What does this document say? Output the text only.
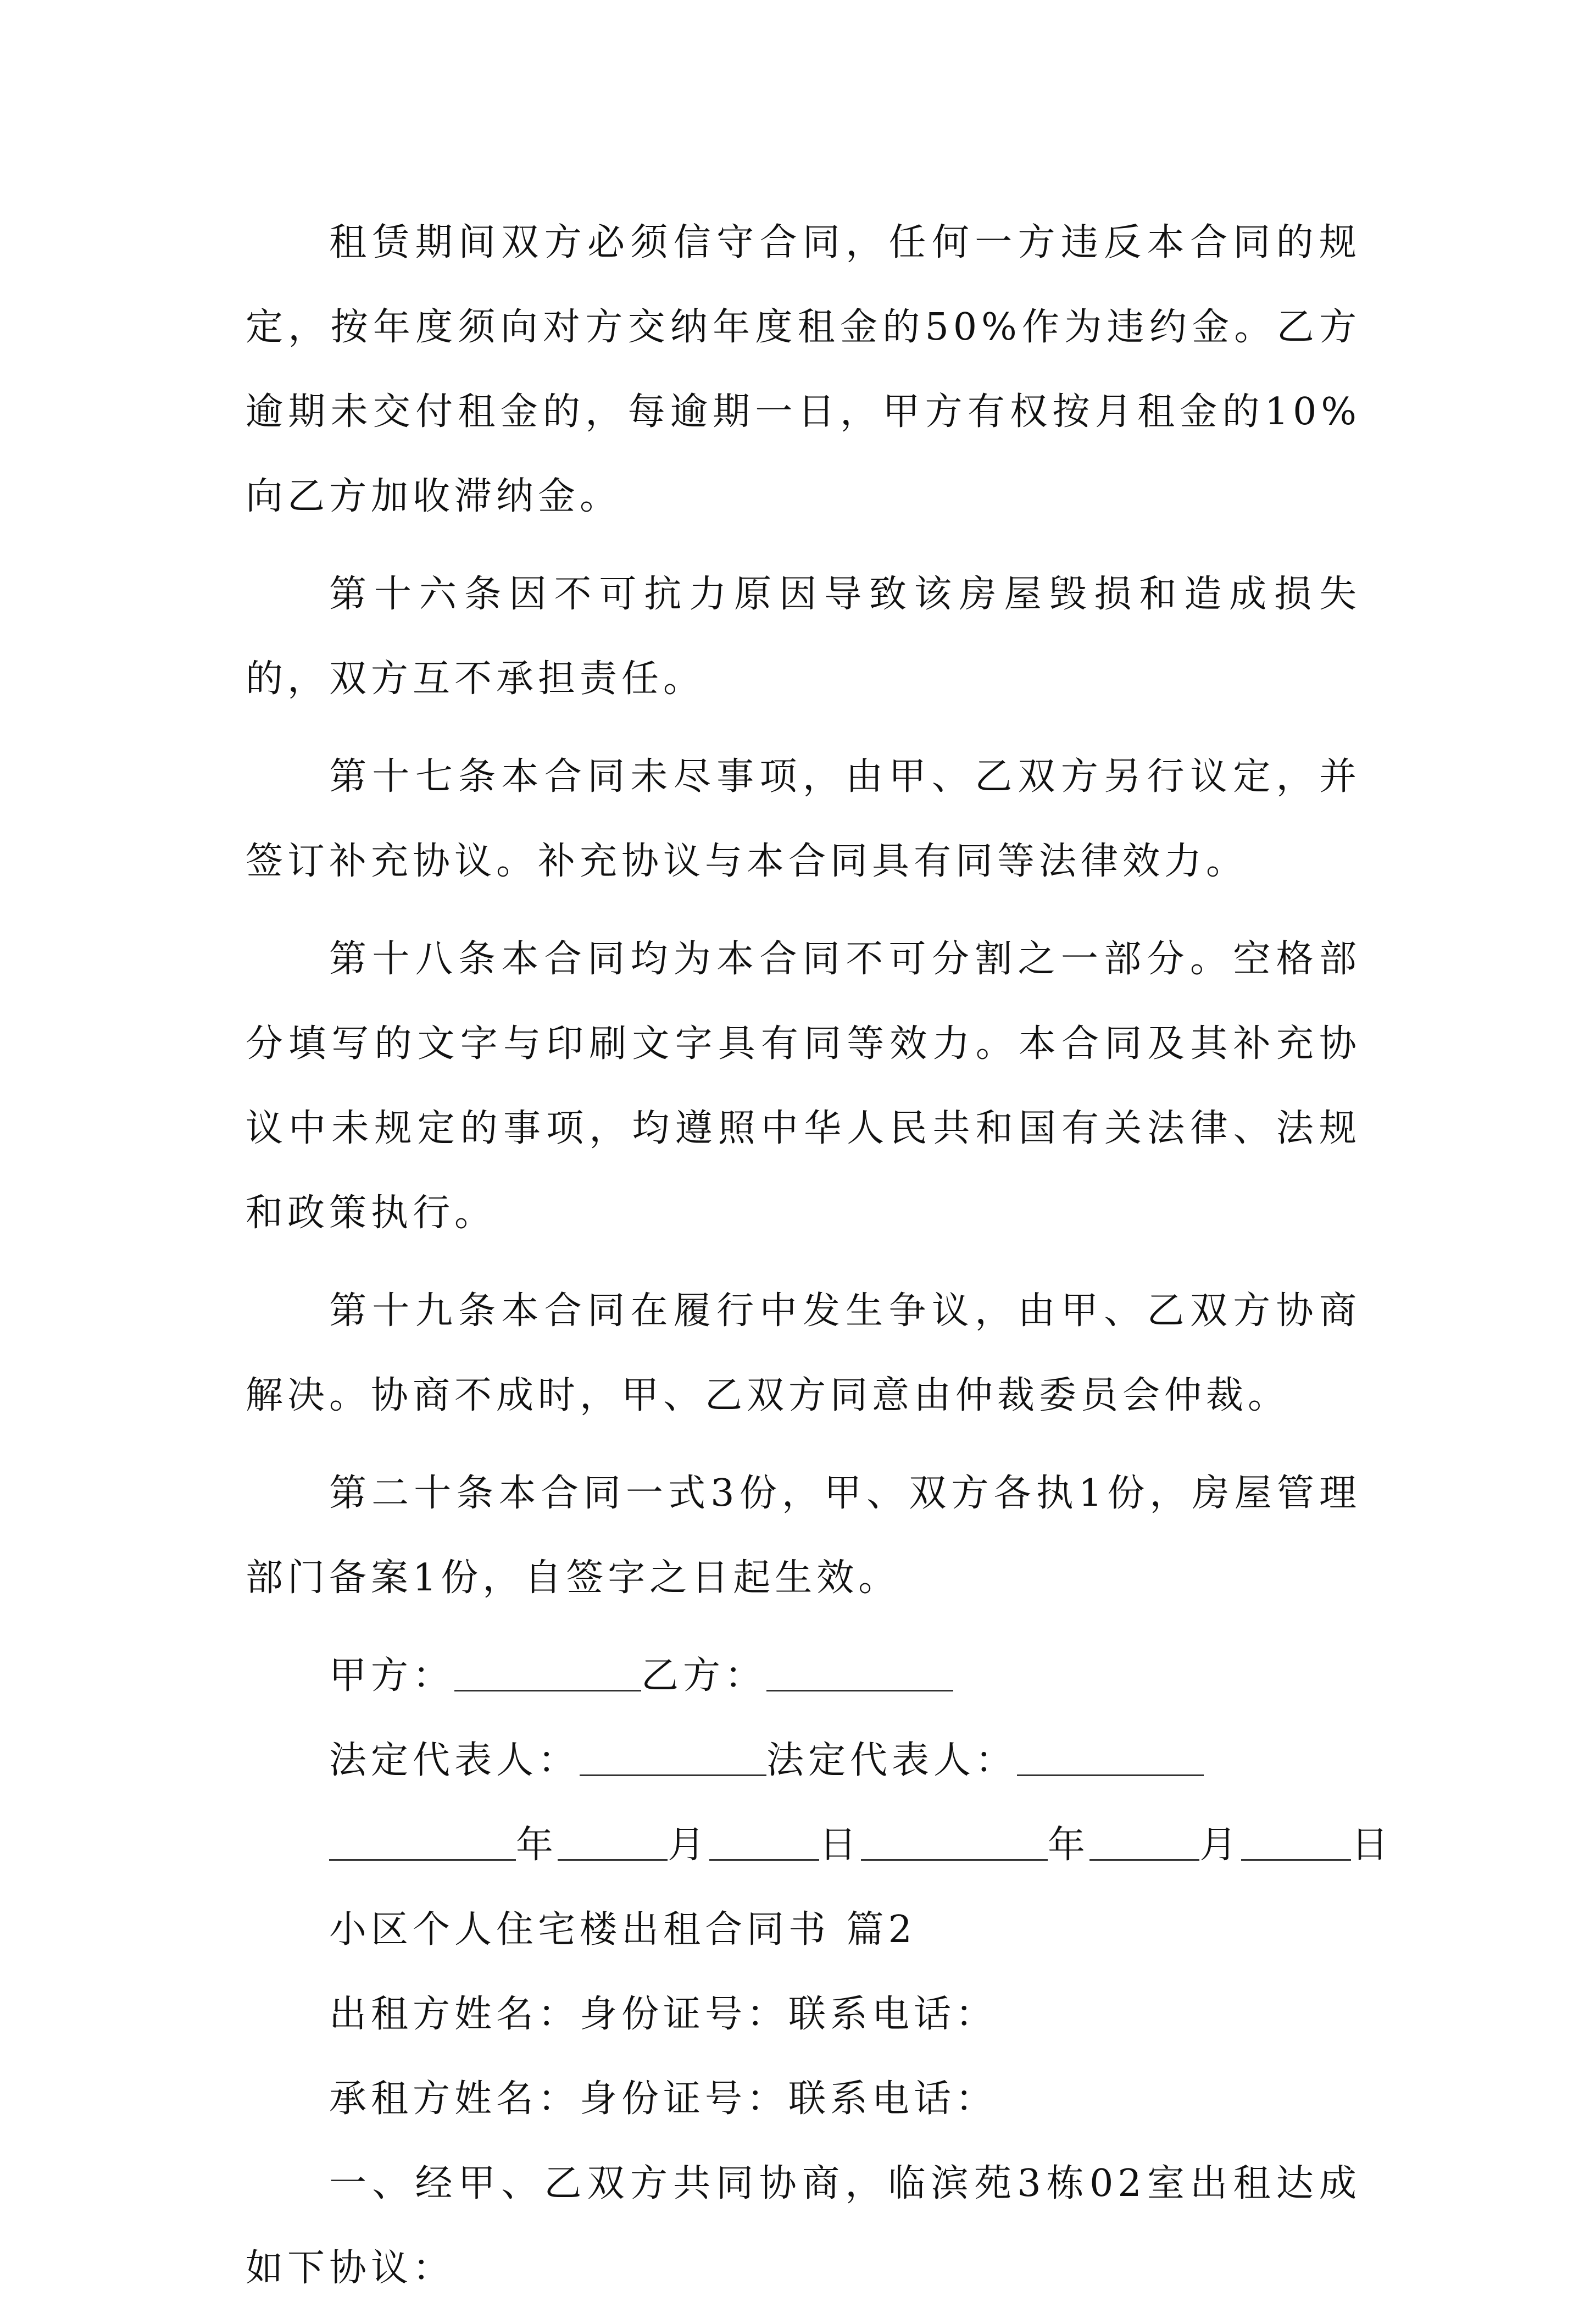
租赁期间双方必须信守合同，任何一方违反本合同的规定，按年度须向对方交纳年度租金的50%作为违约金。乙方逾期未交付租金的，每逾期一日，甲方有权按月租金的10%向乙方加收滞纳金。

第十六条因不可抗力原因导致该房屋毁损和造成损失的，双方互不承担责任。

第十七条本合同未尽事项，由甲、乙双方另行议定，并签订补充协议。补充协议与本合同具有同等法律效力。

第十八条本合同均为本合同不可分割之一部分。空格部分填写的文字与印刷文字具有同等效力。本合同及其补充协议中未规定的事项，均遵照中华人民共和国有关法律、法规和政策执行。

第十九条本合同在履行中发生争议，由甲、乙双方协商解决。协商不成时，甲、乙双方同意由仲裁委员会仲裁。

第二十条本合同一式3份，甲、双方各执1份，房屋管理部门备案1份，自签字之日起生效。

甲方：	乙方：
法定代表人：	法定代表人：
年	月	日	年	月	日
小区个人住宅楼出租合同书 篇2
出租方姓名：身份证号：联系电话：
承租方姓名：身份证号：联系电话：

一、经甲、乙双方共同协商，临滨苑3栋02室出租达成如下协议：
